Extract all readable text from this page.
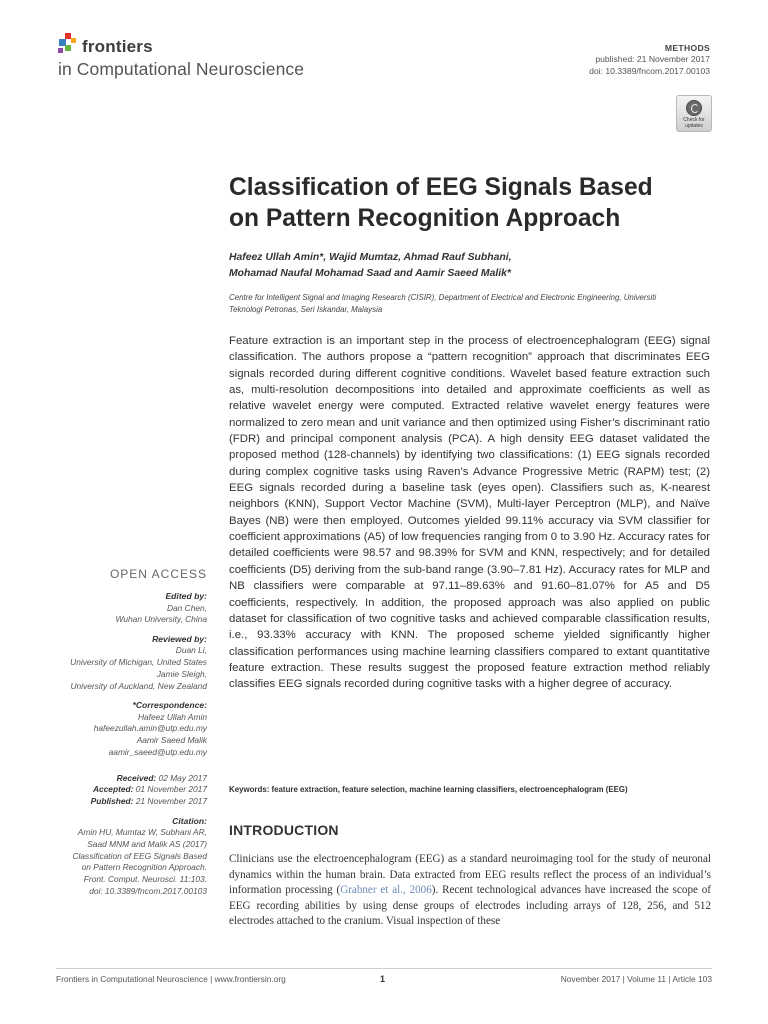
frontiers
in Computational Neuroscience
METHODS
published: 21 November 2017
doi: 10.3389/fncom.2017.00103
Check for
updates
Classification of EEG Signals Based
on Pattern Recognition Approach
Hafeez Ullah Amin*, Wajid Mumtaz, Ahmad Rauf Subhani,
Mohamad Naufal Mohamad Saad and Aamir Saeed Malik*
Centre for Intelligent Signal and Imaging Research (CISIR), Department of Electrical and Electronic Engineering, Universiti
Teknologi Petronas, Seri Iskandar, Malaysia

Feature extraction is an important step in the process of electroencephalogram (EEG) signal classification. The authors propose a “pattern recognition” approach that discriminates EEG signals recorded during different cognitive conditions. Wavelet based feature extraction such as, multi-resolution decompositions into detailed and approximate coefficients as well as relative wavelet energy were computed. Extracted relative wavelet energy features were normalized to zero mean and unit variance and then optimized using Fisher’s discriminant ratio (FDR) and principal component analysis (PCA). A high density EEG dataset validated the proposed method (128-channels) by identifying two classifications: (1) EEG signals recorded during complex cognitive tasks using Raven’s Advance Progressive Metric (RAPM) test; (2) EEG signals recorded during a baseline task (eyes open). Classifiers such as, K-nearest neighbors (KNN), Support Vector Machine (SVM), Multi-layer Perceptron (MLP), and Naïve Bayes (NB) were then employed. Outcomes yielded 99.11% accuracy via SVM classifier for coefficient approximations (A5) of low frequencies ranging from 0 to 3.90 Hz. Accuracy rates for detailed coefficients were 98.57 and 98.39% for SVM and KNN, respectively; and for detailed coefficients (D5) deriving from the sub-band range (3.90–7.81 Hz). Accuracy rates for MLP and NB classifiers were comparable at 97.11–89.63% and 91.60–81.07% for A5 and D5 coefficients, respectively. In addition, the proposed approach was also applied on public dataset for classification of two cognitive tasks and achieved comparable classification results, i.e., 93.33% accuracy with KNN. The proposed scheme yielded significantly higher classification performances using machine learning classifiers compared to extant quantitative feature extraction. These results suggest the proposed feature extraction method reliably classifies EEG signals recorded during cognitive tasks with a higher degree of accuracy.

Keywords: feature extraction, feature selection, machine learning classifiers, electroencephalogram (EEG)
INTRODUCTION

Clinicians use the electroencephalogram (EEG) as a standard neuroimaging tool for the study of neuronal dynamics within the human brain. Data extracted from EEG results reflect the process of an individual’s information processing (Grabner et al., 2006). Recent technological advances have increased the scope of EEG recording abilities by using dense groups of electrodes including arrays of 128, 256, and 512 electrodes attached to the cranium. Visual inspection of these

OPEN ACCESS
Edited by:
Dan Chen,
Wuhan University, China
Reviewed by:
Duan Li,
University of Michigan, United States
Jamie Sleigh,
University of Auckland, New Zealand
*Correspondence:
Hafeez Ullah Amin
hafeezullah.amin@utp.edu.my
Aamir Saeed Malik
aamir_saeed@utp.edu.my
Received: 02 May 2017
Accepted: 01 November 2017
Published: 21 November 2017
Citation:
Amin HU, Mumtaz W, Subhani AR,
Saad MNM and Malik AS (2017)
Classification of EEG Signals Based
on Pattern Recognition Approach.
Front. Comput. Neurosci. 11:103.
doi: 10.3389/fncom.2017.00103
Frontiers in Computational Neuroscience | www.frontiersin.org	1	November 2017 | Volume 11 | Article 103
